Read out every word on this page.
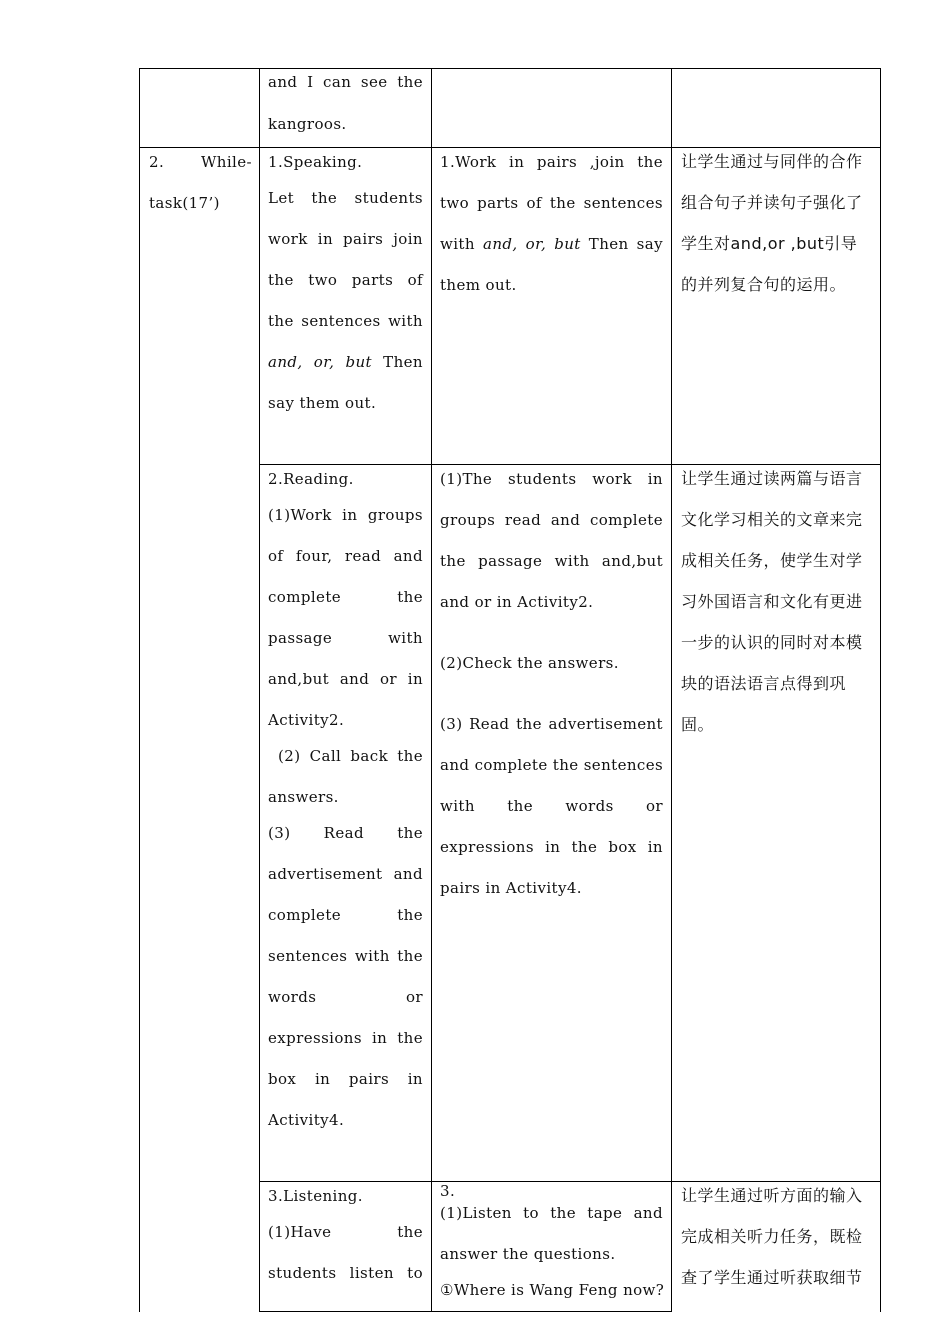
and I can see the
kangroos.
2. While-
task(17’)
1.Speaking.
Let the students
work in pairs join
the two parts of
the sentences with
and, or, but Then
say them out.
1.Work in pairs ,join the
two parts of the sentences
with and, or, but Then say
them out.
让学生通过与同伴的合作
组合句子并读句子强化了
学生对and,or ,but引导
的并列复合句的运用。
2.Reading.
(1)Work in groups
of four, read and
complete the
passage with
and,but and or in
Activity2.
(2) Call back the
answers.
(3) Read the
advertisement and
complete the
sentences with the
words or
expressions in the
box in pairs in
Activity4.
(1)The students work in
groups read and complete
the passage with and,but
and or in Activity2.
(2)Check the answers.
(3) Read the advertisement
and complete the sentences
with the words or
expressions in the box in
pairs in Activity4.
让学生通过读两篇与语言
文化学习相关的文章来完
成相关任务，使学生对学
习外国语言和文化有更进
一步的认识的同时对本模
块的语法语言点得到巩
固。
3.Listening.
(1)Have the
students listen to
3.
(1)Listen to the tape and
answer the questions.
①Where is Wang Feng now?
让学生通过听方面的输入
完成相关听力任务，既检
查了学生通过听获取细节
